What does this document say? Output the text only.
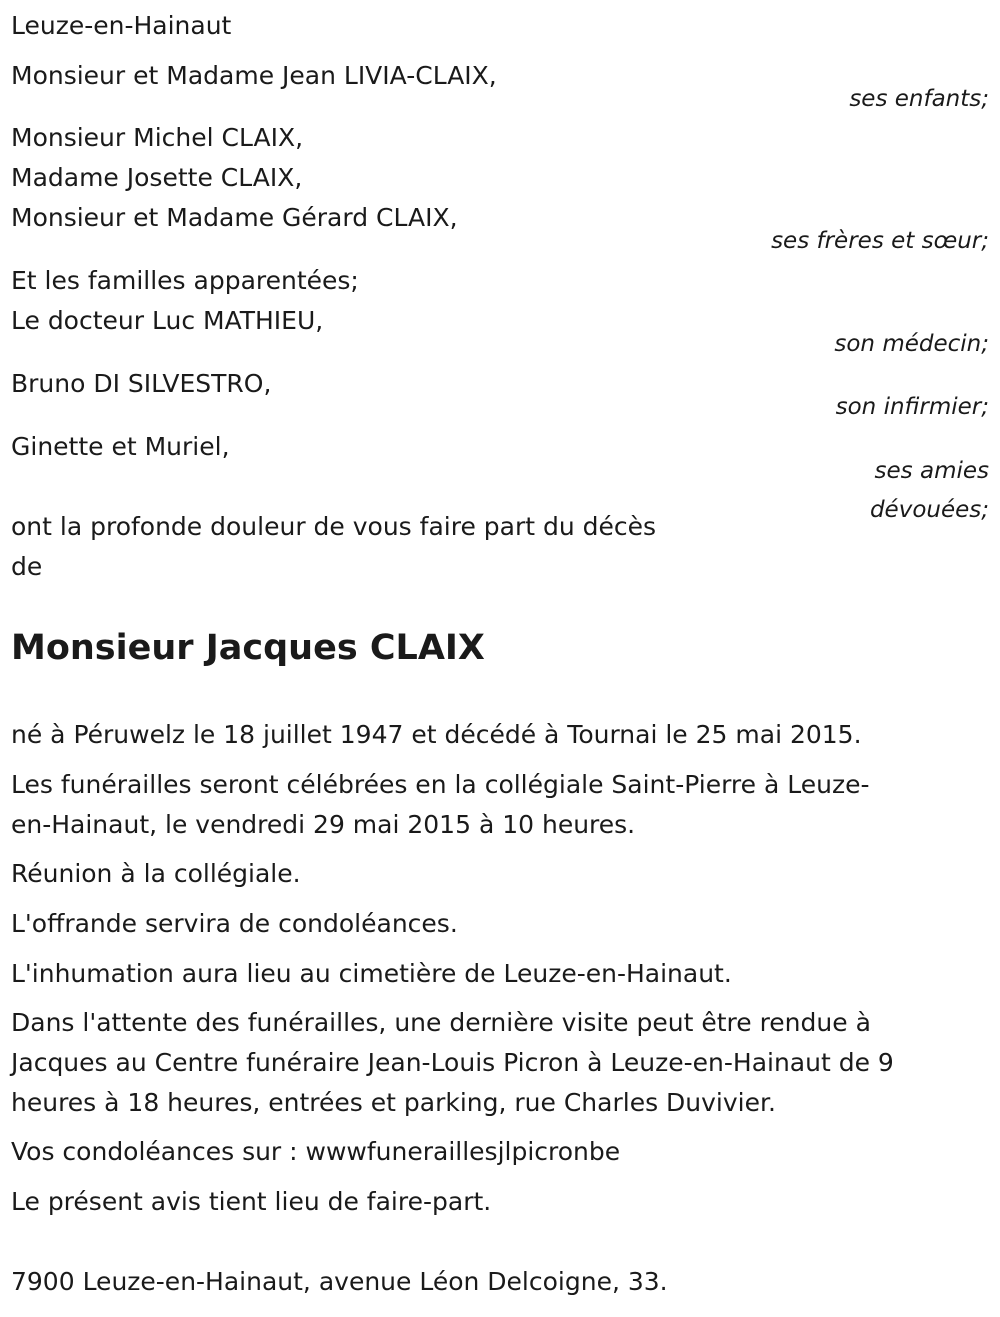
Leuze-en-Hainaut

Monsieur et Madame Jean LIVIA-CLAIX,

ses enfants;

Monsieur Michel CLAIX,

Madame Josette CLAIX,

Monsieur et Madame Gérard CLAIX,

ses frères et sœur;

Et les familles apparentées;

Le docteur Luc MATHIEU,

son médecin;

Bruno DI SILVESTRO,

son infirmier;

Ginette et Muriel,

ses amies

dévouées;

ont la profonde douleur de vous faire part du décès

de

Monsieur Jacques CLAIX

né à Péruwelz le 18 juillet 1947 et décédé à Tournai le 25 mai 2015.

Les funérailles seront célébrées en la collégiale Saint-Pierre à Leuze-

en-Hainaut, le vendredi 29 mai 2015 à 10 heures.

Réunion à la collégiale.

L'offrande servira de condoléances.

L'inhumation aura lieu au cimetière de Leuze-en-Hainaut.

Dans l'attente des funérailles, une dernière visite peut être rendue à

Jacques au Centre funéraire Jean-Louis Picron à Leuze-en-Hainaut de 9

heures à 18 heures, entrées et parking, rue Charles Duvivier.

Vos condoléances sur : wwwfuneraillesjlpicronbe

Le présent avis tient lieu de faire-part.

7900 Leuze-en-Hainaut, avenue Léon Delcoigne, 33.
